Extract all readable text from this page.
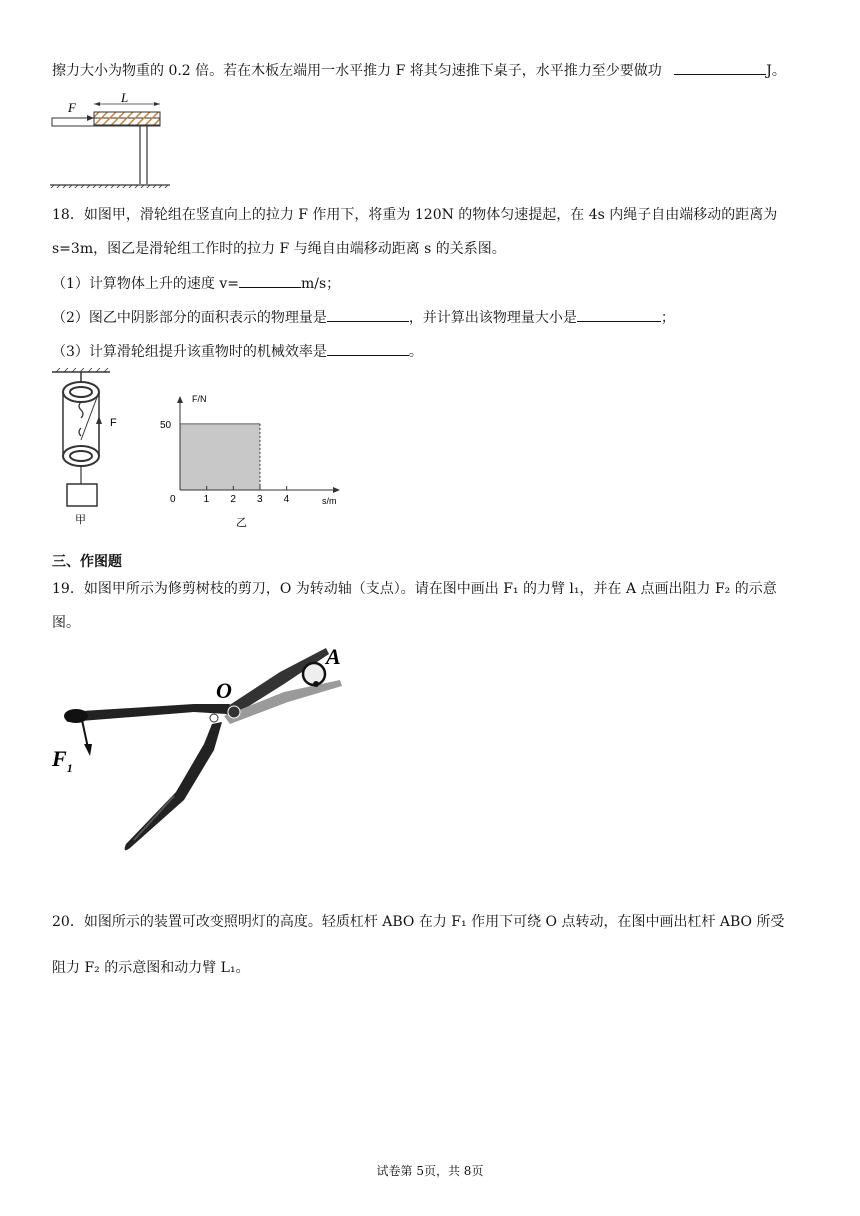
擦力大小为物重的 0.2 倍。若在木板左端用一水平推力 F 将其匀速推下桌子，水平推力至少要做功	J。
F
L
18．如图甲，滑轮组在竖直向上的拉力 F 作用下，将重为 120N 的物体匀速提起，在 4s 内绳子自由端移动的距离为
s=3m，图乙是滑轮组工作时的拉力 F 与绳自由端移动距离 s 的关系图。
（1）计算物体上升的速度 v=	m/s；
（2）图乙中阴影部分的面积表示的物理量是	，并计算出该物理量大小是	；
（3）计算滑轮组提升该重物时的机械效率是	。
F
甲
F/N
s/m
0	1 2 3 4
50
乙
三、作图题
19．如图甲所示为修剪树枝的剪刀，O 为转动轴（支点）。请在图中画出 F₁ 的力臂 l₁，并在 A 点画出阻力 F₂ 的示意
图。
$F_1$
O
A
20．如图所示的装置可改变照明灯的高度。轻质杠杆 ABO 在力 F₁ 作用下可绕 O 点转动，在图中画出杠杆 ABO 所受
阻力 F₂ 的示意图和动力臂 L₁。
试卷第 5页，共 8页
